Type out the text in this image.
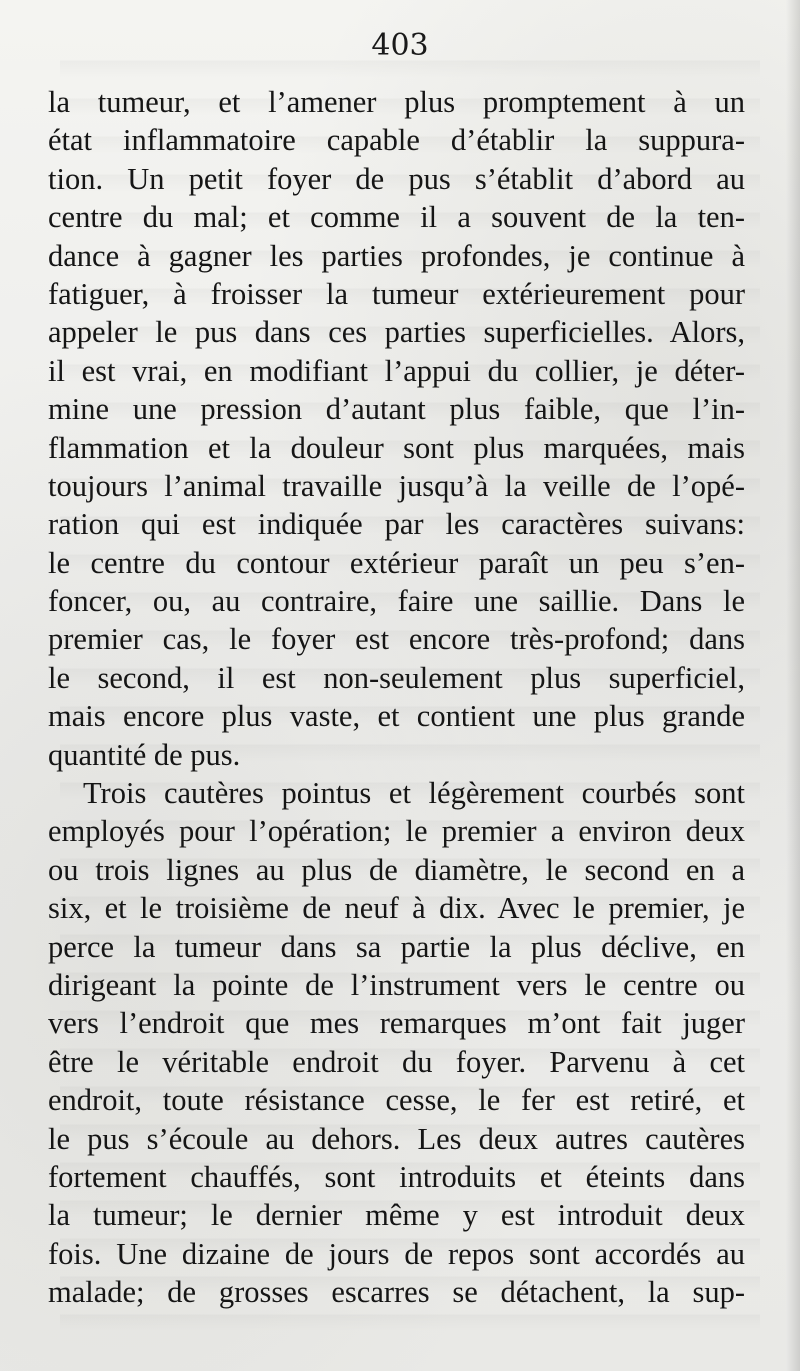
403

la tumeur, et l’amener plus promptement à un
état inflammatoire capable d’établir la suppura-
tion. Un petit foyer de pus s’établit d’abord au
centre du mal; et comme il a souvent de la ten-
dance à gagner les parties profondes, je continue à
fatiguer, à froisser la tumeur extérieurement pour
appeler le pus dans ces parties superficielles. Alors,
il est vrai, en modifiant l’appui du collier, je déter-
mine une pression d’autant plus faible, que l’in-
flammation et la douleur sont plus marquées, mais
toujours l’animal travaille jusqu’à la veille de l’opé-
ration qui est indiquée par les caractères suivans:
le centre du contour extérieur paraît un peu s’en-
foncer, ou, au contraire, faire une saillie. Dans le
premier cas, le foyer est encore très-profond; dans
le second, il est non-seulement plus superficiel,
mais encore plus vaste, et contient une plus grande
quantité de pus.
Trois cautères pointus et légèrement courbés sont
employés pour l’opération; le premier a environ deux
ou trois lignes au plus de diamètre, le second en a
six, et le troisième de neuf à dix. Avec le premier, je
perce la tumeur dans sa partie la plus déclive, en
dirigeant la pointe de l’instrument vers le centre ou
vers l’endroit que mes remarques m’ont fait juger
être le véritable endroit du foyer. Parvenu à cet
endroit, toute résistance cesse, le fer est retiré, et
le pus s’écoule au dehors. Les deux autres cautères
fortement chauffés, sont introduits et éteints dans
la tumeur; le dernier même y est introduit deux
fois. Une dizaine de jours de repos sont accordés au
malade; de grosses escarres se détachent, la sup-
